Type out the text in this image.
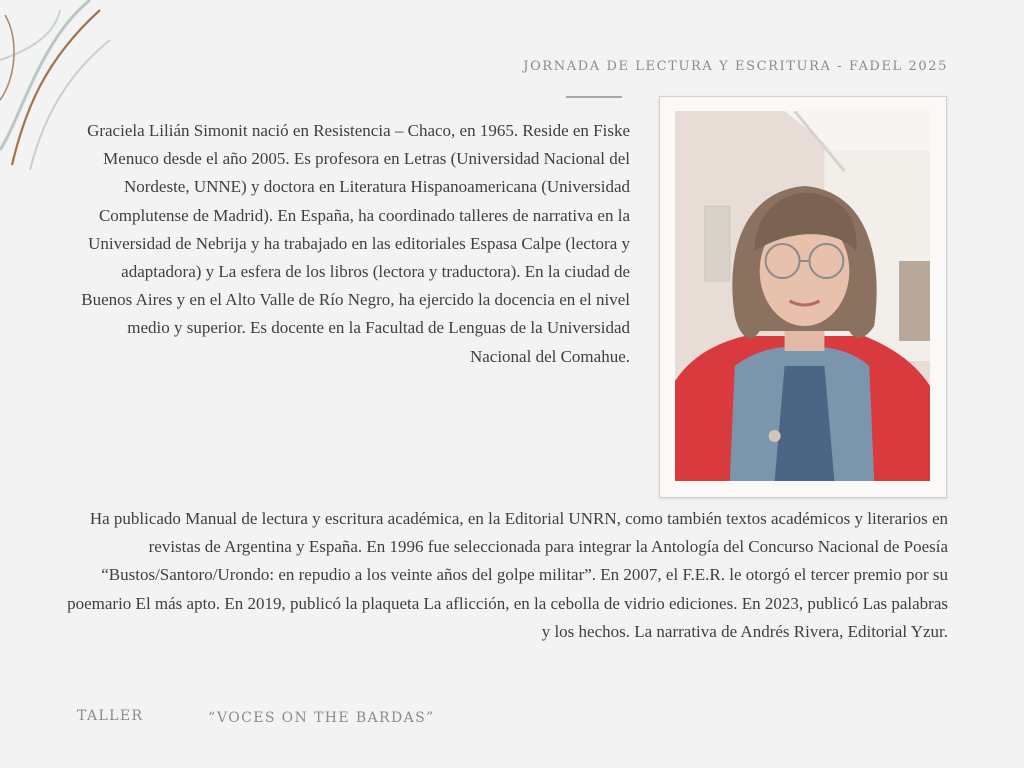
JORNADA DE LECTURA Y ESCRITURA - FADEL 2025
Graciela Lilián Simonit nació en Resistencia – Chaco, en 1965. Reside en Fiske Menuco desde el año 2005. Es profesora en Letras (Universidad Nacional del Nordeste, UNNE) y doctora en Literatura Hispanoamericana (Universidad Complutense de Madrid). En España, ha coordinado talleres de narrativa en la Universidad de Nebrija y ha trabajado en las editoriales Espasa Calpe (lectora y adaptadora) y La esfera de los libros (lectora y traductora). En la ciudad de Buenos Aires y en el Alto Valle de Río Negro, ha ejercido la docencia en el nivel medio y superior. Es docente en la Facultad de Lenguas de la Universidad Nacional del Comahue.
Ha publicado Manual de lectura y escritura académica, en la Editorial UNRN, como también textos académicos y literarios en revistas de Argentina y España. En 1996 fue seleccionada para integrar la Antología del Concurso Nacional de Poesía “Bustos/Santoro/Urondo: en repudio a los veinte años del golpe militar”. En 2007, el F.E.R. le otorgó el tercer premio por su poemario El más apto. En 2019, publicó la plaqueta La aflicción, en la cebolla de vidrio ediciones. En 2023, publicó Las palabras y los hechos. La narrativa de Andrés Rivera, Editorial Yzur.
TALLER	“VOCES ON THE BARDAS”
